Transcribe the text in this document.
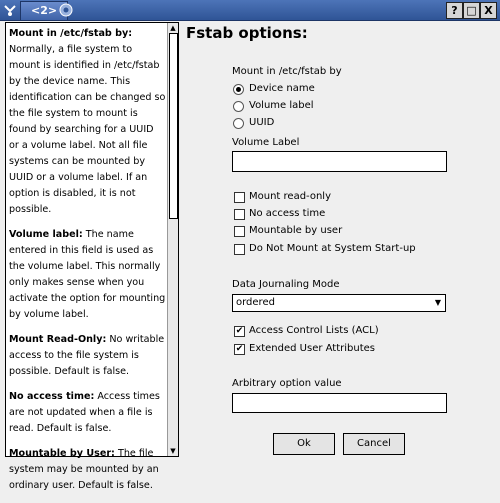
<2>	? □ X

Mount in /etc/fstab by: Normally, a file system to mount is identified in /etc/fstab by the device name. This identification can be changed so the file system to mount is found by searching for a UUID or a volume label. Not all file systems can be mounted by UUID or a volume label. If an option is disabled, it is not possible.

Volume label: The name entered in this field is used as the volume label. This normally only makes sense when you activate the option for mounting by volume label.

Mount Read-Only: No writable access to the file system is possible. Default is false.

No access time: Access times are not updated when a file is read. Default is false.

Mountable by User: The file system may be mounted by an ordinary user. Default is false.

▲
▼
Fstab options:
Mount in /etc/fstab by
Device name
Volume label
UUID
Volume Label
Mount read-only
No access time
Mountable by user
Do Not Mount at System Start-up
Data Journaling Mode
ordered	▼
✔ Access Control Lists (ACL)
✔ Extended User Attributes
Arbitrary option value
Ok	Cancel
